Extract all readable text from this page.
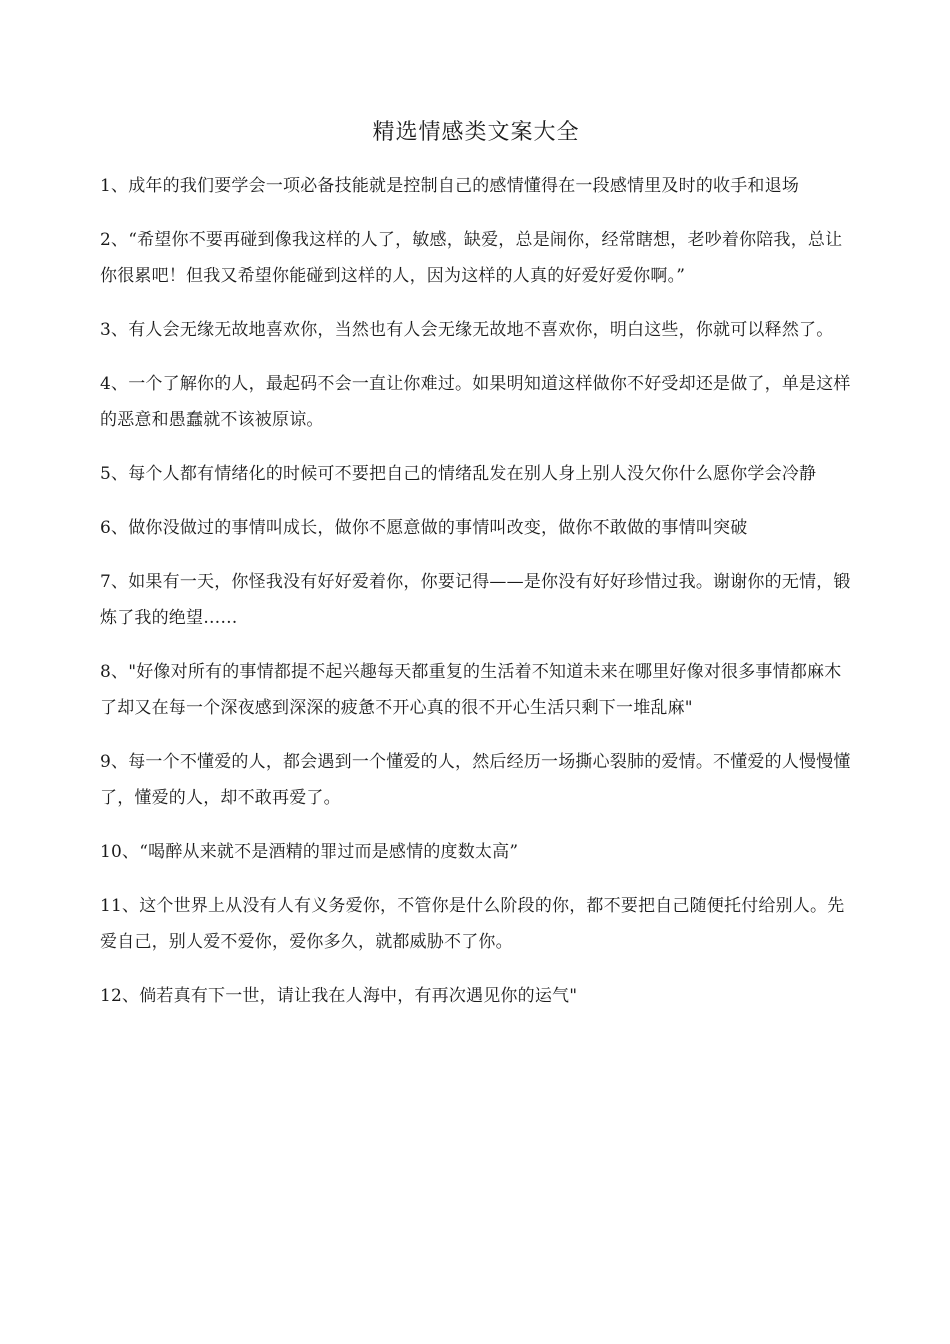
精选情感类文案大全

1、成年的我们要学会一项必备技能就是控制自己的感情懂得在一段感情里及时的收手和退场

2、“希望你不要再碰到像我这样的人了，敏感，缺爱，总是闹你，经常瞎想，老吵着你陪我，总让你很累吧！但我又希望你能碰到这样的人，因为这样的人真的好爱好爱你啊。”

3、有人会无缘无故地喜欢你，当然也有人会无缘无故地不喜欢你，明白这些，你就可以释然了。

4、一个了解你的人，最起码不会一直让你难过。如果明知道这样做你不好受却还是做了，单是这样的恶意和愚蠢就不该被原谅。

5、每个人都有情绪化的时候可不要把自己的情绪乱发在别人身上别人没欠你什么愿你学会冷静

6、做你没做过的事情叫成长，做你不愿意做的事情叫改变，做你不敢做的事情叫突破

7、如果有一天，你怪我没有好好爱着你，你要记得——是你没有好好珍惜过我。谢谢你的无情，锻炼了我的绝望……

8、"好像对所有的事情都提不起兴趣每天都重复的生活着不知道未来在哪里好像对很多事情都麻木了却又在每一个深夜感到深深的疲惫不开心真的很不开心生活只剩下一堆乱麻"

9、每一个不懂爱的人，都会遇到一个懂爱的人，然后经历一场撕心裂肺的爱情。不懂爱的人慢慢懂了，懂爱的人，却不敢再爱了。

10、“喝醉从来就不是酒精的罪过而是感情的度数太高”

11、这个世界上从没有人有义务爱你，不管你是什么阶段的你，都不要把自己随便托付给别人。先爱自己，别人爱不爱你，爱你多久，就都威胁不了你。

12、倘若真有下一世，请让我在人海中，有再次遇见你的运气"
